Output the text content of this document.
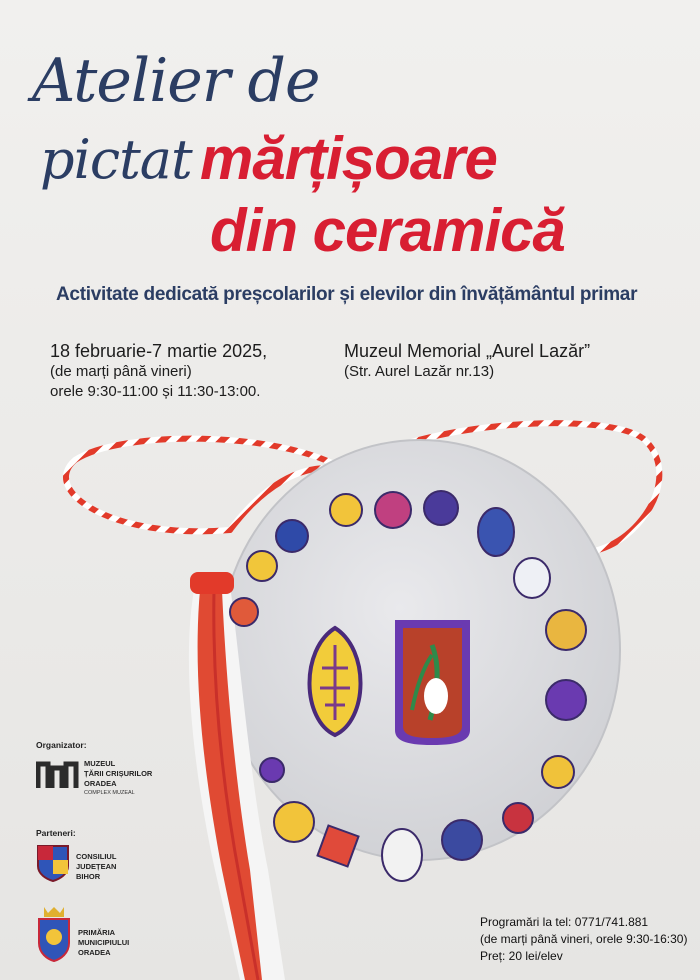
Atelier de
pictat mărțișoare
din ceramică
Activitate dedicată preșcolarilor și elevilor din învățământul primar
18 februarie-7 martie 2025,
(de marți până vineri)
orele 9:30-11:00 și 11:30-13:00.
Muzeul Memorial „Aurel Lazăr”
(Str. Aurel Lazăr nr.13)
Organizator:
MUZEUL
ȚĂRII CRIȘURILOR
ORADEA
COMPLEX MUZEAL
Parteneri:
CONSILIUL
JUDEȚEAN
BIHOR
PRIMĂRIA
MUNICIPIULUI
ORADEA
Programări la tel: 0771/741.881
(de marți până vineri, orele 9:30-16:30)
Preț: 20 lei/elev
